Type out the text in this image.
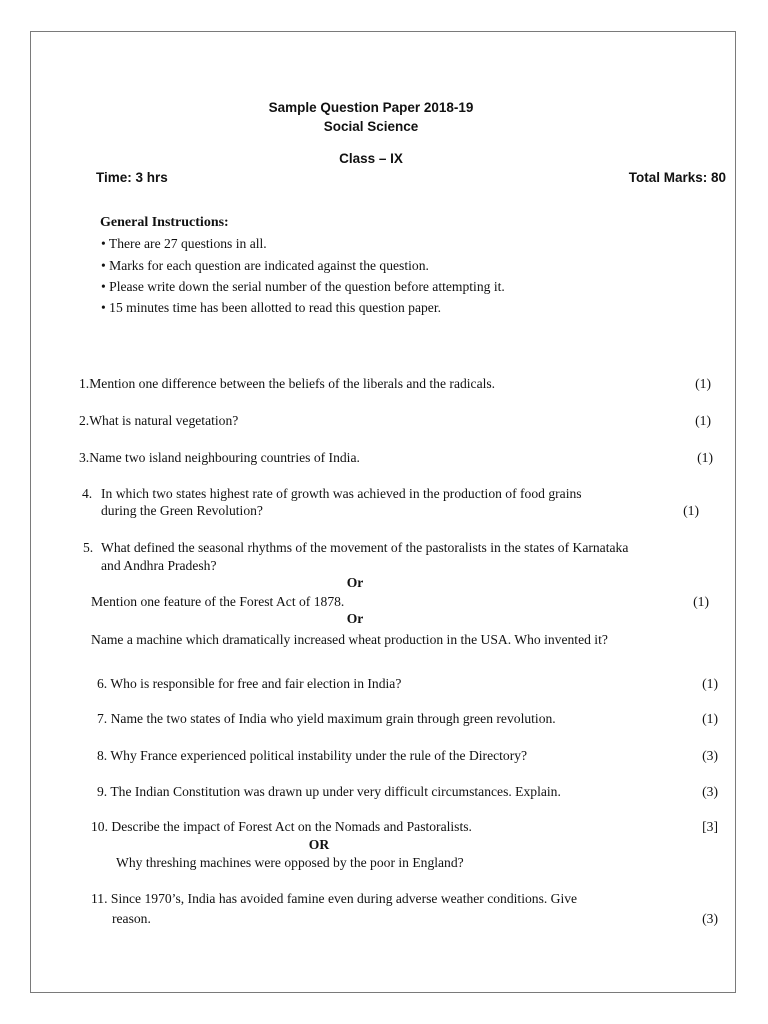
Sample Question Paper 2018-19
Social Science
Class – IX
Time: 3 hrs	Total Marks: 80
General Instructions:
• There are 27 questions in all.
• Marks for each question are indicated against the question.
• Please write down the serial number of the question before attempting it.
• 15 minutes time has been allotted to read this question paper.
1.Mention one difference between the beliefs of the liberals and the radicals.	(1)
2.What is natural vegetation?	(1)
3.Name two island neighbouring countries of India.	(1)
4. In which two states highest rate of growth was achieved in the production of food grains
during the Green Revolution?	(1)
5. What defined the seasonal rhythms of the movement of the pastoralists in the states of Karnataka
and Andhra Pradesh?
Or
Mention one feature of the Forest Act of 1878.	(1)
Or
Name a machine which dramatically increased wheat production in the USA. Who invented it?
6. Who is responsible for free and fair election in India?	(1)
7. Name the two states of India who yield maximum grain through green revolution.	(1)
8. Why France experienced political instability under the rule of the Directory?	(3)
9. The Indian Constitution was drawn up under very difficult circumstances. Explain.	(3)
10. Describe the impact of Forest Act on the Nomads and Pastoralists.	[3]
OR
Why threshing machines were opposed by the poor in England?
11. Since 1970’s, India has avoided famine even during adverse weather conditions. Give
reason.	(3)
